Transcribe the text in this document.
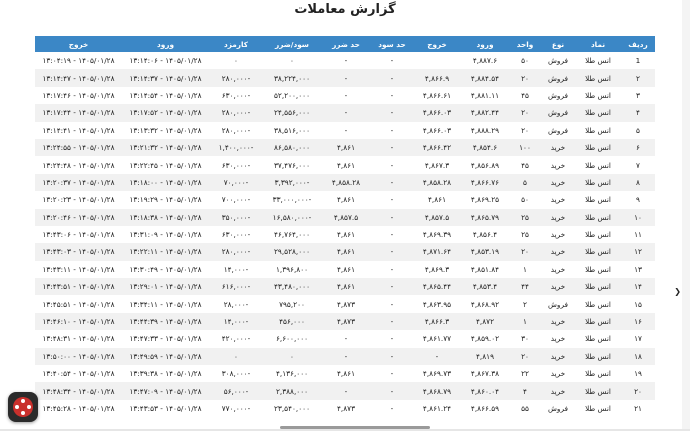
گزارش معاملات
ردیف	نماد	نوع	واحد	ورود	خروج	حد سود	حد ضرر	سود/ضرر	کارمزد	ورود	خروج
1	انس طلا	فروش	۵۰	۴,۸۸۷.۶		-	-	۰	۰	۱۴۰۵/۰۱/۲۸ - ۱۳:۱۴:۰۶	۱۴۰۵/۰۱/۲۸ - ۱۳:۰۴:۱۹
۲	انس طلا	فروش	۲۰	۴,۸۸۴.۵۴	۴,۸۶۶.۹	-	-	۳۸,۲۲۴,۰۰۰	-۲۸۰,۰۰۰	۱۴۰۵/۰۱/۲۸ - ۱۳:۱۴:۳۷	۱۴۰۵/۰۱/۲۸ - ۱۳:۱۴:۴۷
۳	انس طلا	فروش	۴۵	۴,۸۸۱.۱۱	۴,۸۶۶.۶۱	-	-	۵۲,۲۰۰,۰۰۰	-۶۳۰,۰۰۰	۱۴۰۵/۰۱/۲۸ - ۱۳:۱۴:۵۴	۱۴۰۵/۰۱/۲۸ - ۱۳:۱۷:۴۶
۴	انس طلا	فروش	۲۰	۴,۸۸۲.۴۴	۴,۸۶۶.۰۳	-	-	۲۴,۵۵۶,۰۰۰	-۲۸۰,۰۰۰	۱۴۰۵/۰۱/۲۸ - ۱۳:۱۷:۵۲	۱۴۰۵/۰۱/۲۸ - ۱۳:۱۷:۴۴
۵	انس طلا	فروش	۲۰	۴,۸۸۸.۲۹	۴,۸۶۶.۰۳	-	-	۳۸,۵۱۶,۰۰۰	-۲۸۰,۰۰۰	۱۴۰۵/۰۱/۲۸ - ۱۳:۱۳:۳۲	۱۴۰۵/۰۱/۲۸ - ۱۳:۱۴:۴۱
۶	انس طلا	خرید	۱۰۰	۴,۸۵۴.۶	۴,۸۶۶.۴۲	-	۴,۸۶۱	۸۶,۵۸۰,۰۰۰	-۱,۴۰۰,۰۰۰	۱۴۰۵/۰۱/۲۸ - ۱۳:۲۱:۳۲	۱۴۰۵/۰۱/۲۸ - ۱۳:۲۴:۵۵
۷	انس طلا	خرید	۴۵	۴,۸۵۶.۸۹	۴,۸۶۷.۳	-	۴,۸۶۱	۳۷,۴۷۶,۰۰۰	-۶۳۰,۰۰۰	۱۴۰۵/۰۱/۲۸ - ۱۳:۲۲:۴۵	۱۴۰۵/۰۱/۲۸ - ۱۳:۲۴:۴۸
۸	انس طلا	خرید	۵	۴,۸۶۶.۷۶	۴,۸۵۸.۲۸	-	۴,۸۵۸.۲۸	-۳,۳۹۲,۰۰۰	-۷۰,۰۰۰	۱۴۰۵/۰۱/۲۸ - ۱۳:۱۸:۰۰	۱۴۰۵/۰۱/۲۸ - ۱۳:۲۰:۳۷
۹	انس طلا	خرید	۵۰	۴,۸۶۹.۲۵	۴,۸۶۱	-	۴,۸۶۱	-۳۳,۰۰۰,۰۰۰	-۷۰۰,۰۰۰	۱۴۰۵/۰۱/۲۸ - ۱۳:۱۹:۲۹	۱۴۰۵/۰۱/۲۸ - ۱۳:۲۰:۲۳
۱۰	انس طلا	خرید	۲۵	۴,۸۶۵.۷۹	۴,۸۵۷.۵	-	۴,۸۵۷.۵	-۱۶,۵۸۰,۰۰۰	-۳۵۰,۰۰۰	۱۴۰۵/۰۱/۲۸ - ۱۳:۱۸:۳۸	۱۴۰۵/۰۱/۲۸ - ۱۳:۲۰:۴۶
۱۱	انس طلا	خرید	۲۵	۴,۸۵۶.۴	۴,۸۶۹.۳۹	-	۴,۸۶۱	۴۶,۷۶۴,۰۰۰	-۶۳۰,۰۰۰	۱۴۰۵/۰۱/۲۸ - ۱۳:۳۱:۰۹	۱۴۰۵/۰۱/۲۸ - ۱۳:۴۳:۰۶
۱۲	انس طلا	خرید	۲۰	۴,۸۵۳.۱۹	۴,۸۷۱.۶۴	-	۴,۸۶۱	۲۹,۵۲۸,۰۰۰	-۲۸۰,۰۰۰	۱۴۰۵/۰۱/۲۸ - ۱۳:۲۲:۱۱	۱۴۰۵/۰۱/۲۸ - ۱۳:۴۳:۰۳
۱۳	انس طلا	خرید	۱	۴,۸۵۱.۸۴	۴,۸۶۹.۳	-	۴,۸۶۱	۱,۳۹۶,۸۰۰	-۱۴,۰۰۰	۱۴۰۵/۰۱/۲۸ - ۱۳:۳۰:۴۹	۱۴۰۵/۰۱/۲۸ - ۱۳:۴۳:۱۱
۱۴	انس طلا	خرید	۴۴	۴,۸۵۳.۴	۴,۸۶۵.۴۴	-	۴,۸۶۱	۴۳,۴۸۰,۰۰۰	-۶۱۶,۰۰۰	۱۴۰۵/۰۱/۲۸ - ۱۳:۲۹:۰۱	۱۴۰۵/۰۱/۲۸ - ۱۳:۴۳:۵۱
۱۵	انس طلا	فروش	۲	۴,۸۶۸.۹۲	۴,۸۶۳.۹۵	-	۴,۸۷۳	۷۹۵,۲۰۰	-۲۸,۰۰۰	۱۴۰۵/۰۱/۲۸ - ۱۳:۳۴:۱۱	۱۴۰۵/۰۱/۲۸ - ۱۳:۴۵:۵۱
۱۶	انس طلا	خرید	۱	۴,۸۷۲	۴,۸۶۶.۳	-	۴,۸۷۳	۴۵۶,۰۰۰	-۱۴,۰۰۰	۱۴۰۵/۰۱/۲۸ - ۱۳:۴۴:۳۹	۱۴۰۵/۰۱/۲۸ - ۱۳:۴۶:۱۰
۱۷	انس طلا	خرید	۳۰	۴,۸۵۹.۰۲	۴,۸۶۱.۷۷	-	-	۶,۶۰۰,۰۰۰	-۴۲۰,۰۰۰	۱۴۰۵/۰۱/۲۸ - ۱۳:۴۷:۳۳	۱۴۰۵/۰۱/۲۸ - ۱۳:۴۸:۳۱
۱۸	انس طلا	خرید	۲۰	۴,۸۱۹	-	-	-	۰	۰	۱۴۰۵/۰۱/۲۸ - ۱۳:۴۹:۵۹	۱۴۰۵/۰۱/۲۸ - ۱۳:۵۰:۰۰
۱۹	انس طلا	خرید	۲۲	۴,۸۶۷.۳۸	۴,۸۶۹.۷۳	-	۴,۸۶۱	۴,۱۳۶,۰۰۰	-۳۰۸,۰۰۰	۱۴۰۵/۰۱/۲۸ - ۱۳:۳۹:۳۸	۱۴۰۵/۰۱/۲۸ - ۱۳:۴۰:۵۴
۲۰	انس طلا	خرید	۴	۴,۸۶۰.۰۴	۴,۸۶۸.۷۹	-	-	۲,۳۸۸,۰۰۰	-۵۶,۰۰۰	۱۴۰۵/۰۱/۲۸ - ۱۳:۴۷:۰۹	۱۴۰۵/۰۱/۲۸ - ۱۳:۴۸:۳۴
۲۱	انس طلا	فروش	۵۵	۴,۸۶۶.۵۹	۴,۸۶۱.۲۴	-	۴,۸۷۳	۲۳,۵۴۰,۰۰۰	-۷۷۰,۰۰۰	۱۴۰۵/۰۱/۲۸ - ۱۳:۴۳:۵۳	۱۴۰۵/۰۱/۲۸ - ۱۳:۴۵:۲۸
❯
